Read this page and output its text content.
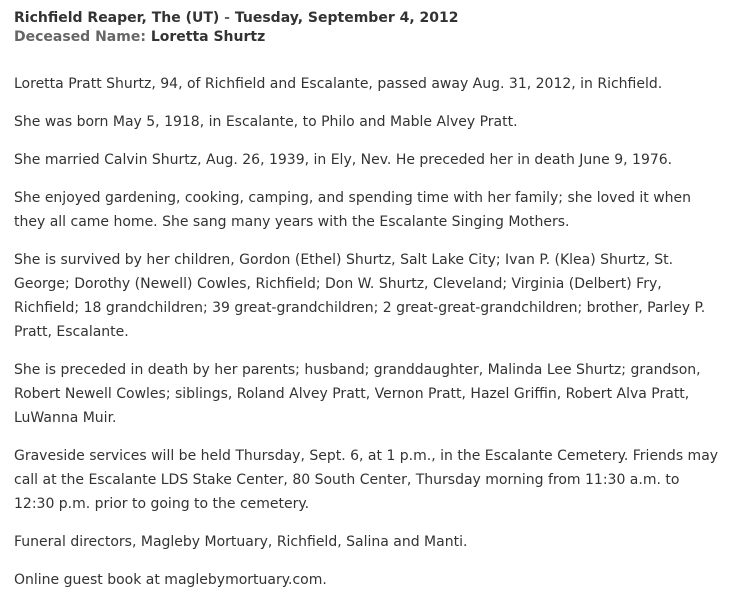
Richfield Reaper, The (UT) - Tuesday, September 4, 2012
Deceased Name: Loretta Shurtz

Loretta Pratt Shurtz, 94, of Richfield and Escalante, passed away Aug. 31, 2012, in Richfield.

She was born May 5, 1918, in Escalante, to Philo and Mable Alvey Pratt.

She married Calvin Shurtz, Aug. 26, 1939, in Ely, Nev. He preceded her in death June 9, 1976.

She enjoyed gardening, cooking, camping, and spending time with her family; she loved it when they all came home. She sang many years with the Escalante Singing Mothers.

She is survived by her children, Gordon (Ethel) Shurtz, Salt Lake City; Ivan P. (Klea) Shurtz, St. George; Dorothy (Newell) Cowles, Richfield; Don W. Shurtz, Cleveland; Virginia (Delbert) Fry, Richfield; 18 grandchildren; 39 great-grandchildren; 2 great-great-grandchildren; brother, Parley P. Pratt, Escalante.

She is preceded in death by her parents; husband; granddaughter, Malinda Lee Shurtz; grandson, Robert Newell Cowles; siblings, Roland Alvey Pratt, Vernon Pratt, Hazel Griffin, Robert Alva Pratt, LuWanna Muir.

Graveside services will be held Thursday, Sept. 6, at 1 p.m., in the Escalante Cemetery. Friends may call at the Escalante LDS Stake Center, 80 South Center, Thursday morning from 11:30 a.m. to 12:30 p.m. prior to going to the cemetery.

Funeral directors, Magleby Mortuary, Richfield, Salina and Manti.

Online guest book at maglebymortuary.com.
